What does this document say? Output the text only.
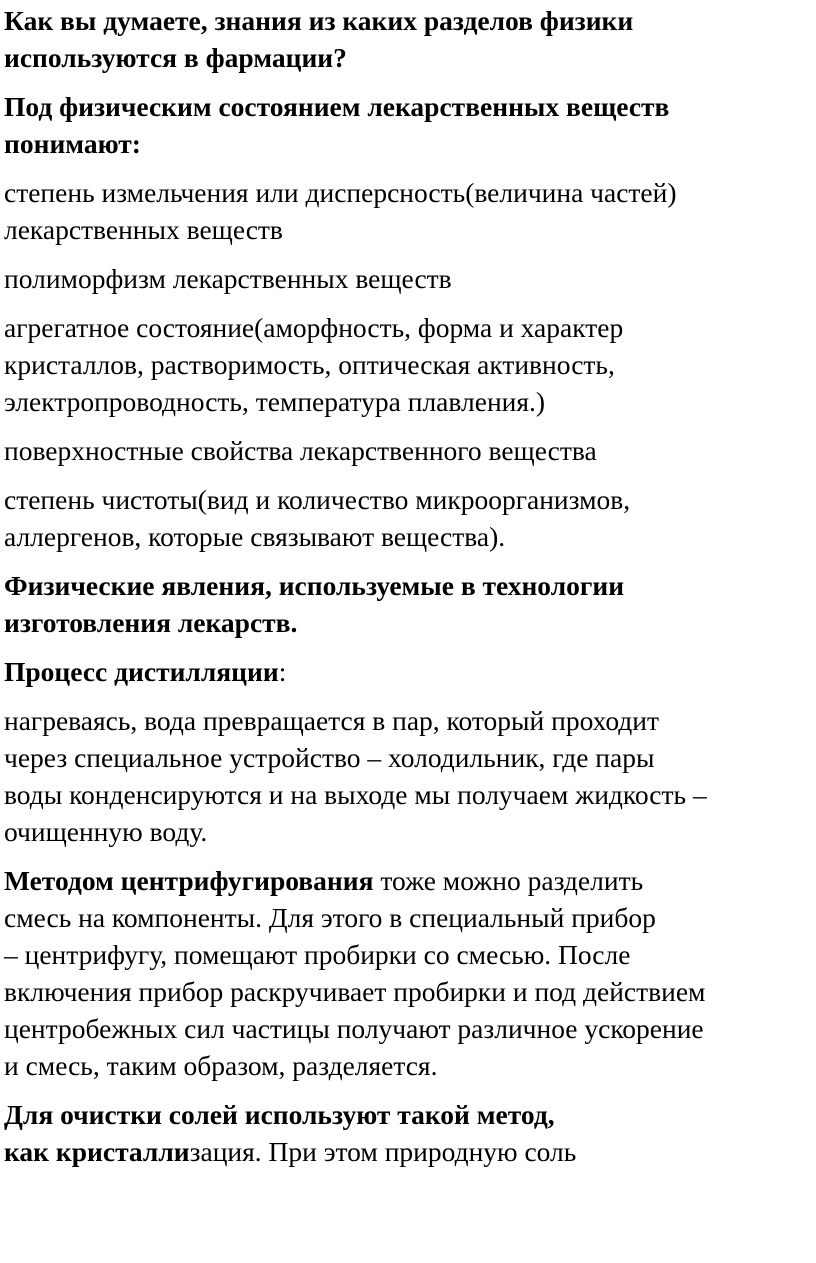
Как вы думаете, знания из каких разделов физики
используются в фармации?

Под физическим состоянием лекарственных веществ
понимают:

степень измельчения или дисперсность(величина частей)
лекарственных веществ

полиморфизм лекарственных веществ

агрегатное состояние(аморфность, форма и характер
кристаллов, растворимость, оптическая активность,
электропроводность, температура плавления.)

поверхностные свойства лекарственного вещества

степень чистоты(вид и количество микроорганизмов,
аллергенов, которые связывают вещества).

Физические явления, используемые в технологии
изготовления лекарств.

Процесс дистилляции:

нагреваясь, вода превращается в пар, который проходит
через специальное устройство – холодильник, где пары
воды конденсируются и на выходе мы получаем жидкость –
очищенную воду.

Методом центрифугирования тоже можно разделить
смесь на компоненты. Для этого в специальный прибор
– центрифугу, помещают пробирки со смесью. После
включения прибор раскручивает пробирки и под действием
центробежных сил частицы получают различное ускорение
и смесь, таким образом, разделяется.

Для очистки солей используют такой метод,
как кристаллизация. При этом природную соль
